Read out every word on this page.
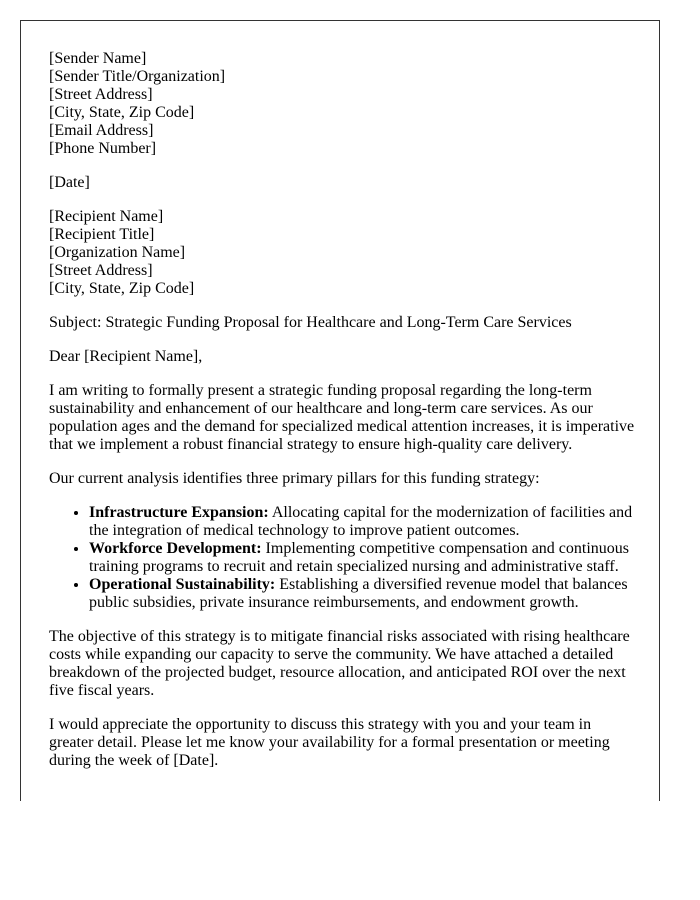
[Sender Name]
[Sender Title/Organization]
[Street Address]
[City, State, Zip Code]
[Email Address]
[Phone Number]
[Date]
[Recipient Name]
[Recipient Title]
[Organization Name]
[Street Address]
[City, State, Zip Code]

Subject: Strategic Funding Proposal for Healthcare and Long-Term Care Services

Dear [Recipient Name],

I am writing to formally present a strategic funding proposal regarding the long-term sustainability and enhancement of our healthcare and long-term care services. As our population ages and the demand for specialized medical attention increases, it is imperative that we implement a robust financial strategy to ensure high-quality care delivery.

Our current analysis identifies three primary pillars for this funding strategy:

• Infrastructure Expansion: Allocating capital for the modernization of facilities and the integration of medical technology to improve patient outcomes.
• Workforce Development: Implementing competitive compensation and continuous training programs to recruit and retain specialized nursing and administrative staff.
• Operational Sustainability: Establishing a diversified revenue model that balances public subsidies, private insurance reimbursements, and endowment growth.

The objective of this strategy is to mitigate financial risks associated with rising healthcare costs while expanding our capacity to serve the community. We have attached a detailed breakdown of the projected budget, resource allocation, and anticipated ROI over the next five fiscal years.

I would appreciate the opportunity to discuss this strategy with you and your team in greater detail. Please let me know your availability for a formal presentation or meeting during the week of [Date].
